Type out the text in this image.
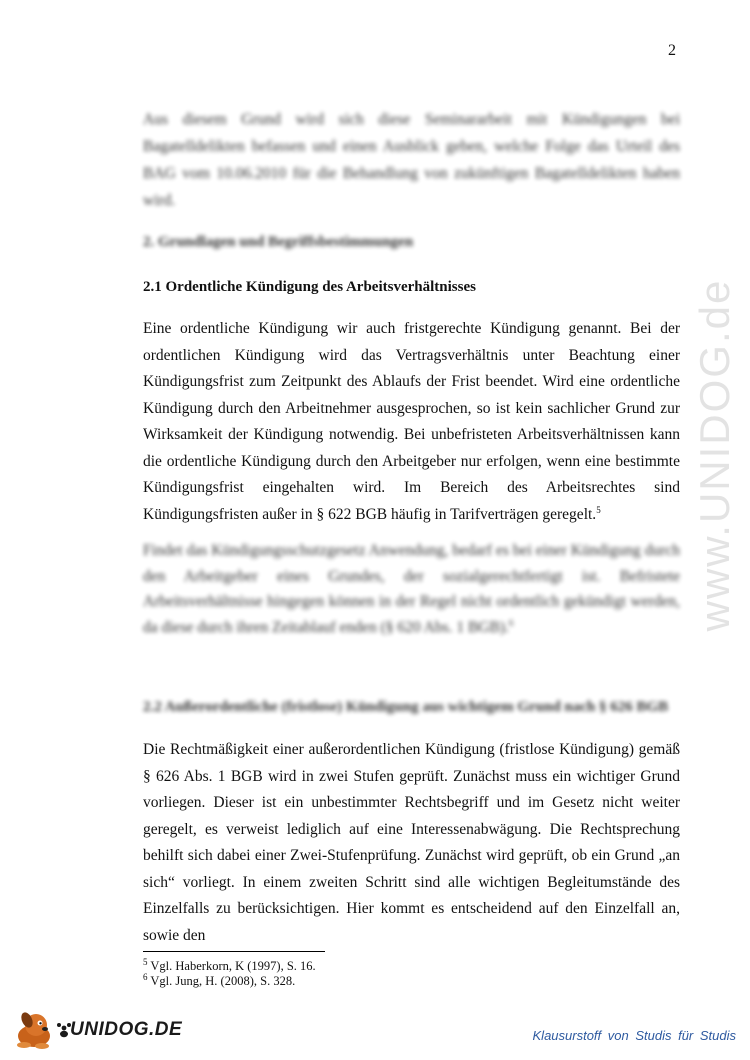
2
www.UNIDOG.de

Aus diesem Grund wird sich diese Seminararbeit mit Kündigungen bei Bagatelldelikten befassen und einen Ausblick geben, welche Folge das Urteil des BAG vom 10.06.2010 für die Behandlung von zukünftigen Bagatelldelikten haben wird.

2. Grundlagen und Begriffsbestimmungen
2.1 Ordentliche Kündigung des Arbeitsverhältnisses

Eine ordentliche Kündigung wir auch fristgerechte Kündigung genannt. Bei der ordentlichen Kündigung wird das Vertragsverhältnis unter Beachtung einer Kündigungsfrist zum Zeitpunkt des Ablaufs der Frist beendet. Wird eine ordentliche Kündigung durch den Arbeitnehmer ausgesprochen, so ist kein sachlicher Grund zur Wirksamkeit der Kündigung notwendig. Bei unbefristeten Arbeitsverhältnissen kann die ordentliche Kündigung durch den Arbeitgeber nur erfolgen, wenn eine bestimmte Kündigungsfrist eingehalten wird. Im Bereich des Arbeitsrechtes sind Kündigungsfristen außer in § 622 BGB häufig in Tarifverträgen geregelt.$^5$

Findet das Kündigungsschutzgesetz Anwendung, bedarf es bei einer Kündigung durch den Arbeitgeber eines Grundes, der sozialgerechtfertigt ist. Befristete Arbeitsverhältnisse hingegen können in der Regel nicht ordentlich gekündigt werden, da diese durch ihren Zeitablauf enden (§ 620 Abs. 1 BGB).$^6$

2.2 Außerordentliche (fristlose) Kündigung aus wichtigem Grund nach § 626 BGB

Die Rechtmäßigkeit einer außerordentlichen Kündigung (fristlose Kündigung) gemäß § 626 Abs. 1 BGB wird in zwei Stufen geprüft. Zunächst muss ein wichtiger Grund vorliegen. Dieser ist ein unbestimmter Rechtsbegriff und im Gesetz nicht weiter geregelt, es verweist lediglich auf eine Interessenabwägung. Die Rechtsprechung behilft sich dabei einer Zwei-Stufenprüfung. Zunächst wird geprüft, ob ein Grund „an sich“ vorliegt. In einem zweiten Schritt sind alle wichtigen Begleitumstände des Einzelfalls zu berücksichtigen. Hier kommt es entscheidend auf den Einzelfall an, sowie den

$^5$ Vgl. Haberkorn, K (1997), S. 16.
$^6$ Vgl. Jung, H. (2008), S. 328.
UNIDOG.DE	Klausurstoff von Studis für Studis
